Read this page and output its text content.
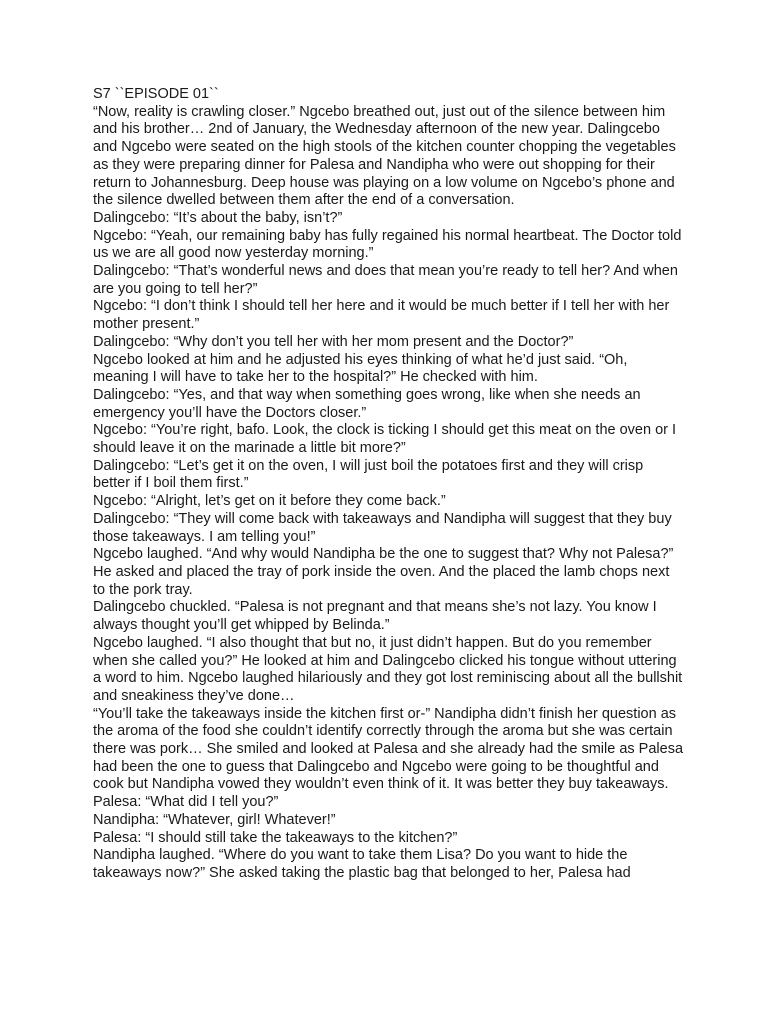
S7 ``EPISODE 01``

“Now, reality is crawling closer.” Ngcebo breathed out, just out of the silence between him and his brother… 2nd of January, the Wednesday afternoon of the new year. Dalingcebo and Ngcebo were seated on the high stools of the kitchen counter chopping the vegetables as they were preparing dinner for Palesa and Nandipha who were out shopping for their return to Johannesburg. Deep house was playing on a low volume on Ngcebo’s phone and the silence dwelled between them after the end of a conversation.

Dalingcebo: “It’s about the baby, isn’t?”

Ngcebo: “Yeah, our remaining baby has fully regained his normal heartbeat. The Doctor told us we are all good now yesterday morning.”

Dalingcebo: “That’s wonderful news and does that mean you’re ready to tell her? And when are you going to tell her?”

Ngcebo: “I don’t think I should tell her here and it would be much better if I tell her with her mother present.”

Dalingcebo: “Why don’t you tell her with her mom present and the Doctor?”

Ngcebo looked at him and he adjusted his eyes thinking of what he’d just said. “Oh, meaning I will have to take her to the hospital?” He checked with him.

Dalingcebo: “Yes, and that way when something goes wrong, like when she needs an emergency you’ll have the Doctors closer.”

Ngcebo: “You’re right, bafo. Look, the clock is ticking I should get this meat on the oven or I should leave it on the marinade a little bit more?”

Dalingcebo: “Let’s get it on the oven, I will just boil the potatoes first and they will crisp better if I boil them first.”

Ngcebo: “Alright, let’s get on it before they come back.”

Dalingcebo: “They will come back with takeaways and Nandipha will suggest that they buy those takeaways. I am telling you!”

Ngcebo laughed. “And why would Nandipha be the one to suggest that? Why not Palesa?” He asked and placed the tray of pork inside the oven. And the placed the lamb chops next to the pork tray.

Dalingcebo chuckled. “Palesa is not pregnant and that means she’s not lazy. You know I always thought you’ll get whipped by Belinda.”

Ngcebo laughed. “I also thought that but no, it just didn’t happen. But do you remember when she called you?” He looked at him and Dalingcebo clicked his tongue without uttering a word to him. Ngcebo laughed hilariously and they got lost reminiscing about all the bullshit and sneakiness they’ve done…

“You’ll take the takeaways inside the kitchen first or-” Nandipha didn’t finish her question as the aroma of the food she couldn’t identify correctly through the aroma but she was certain there was pork… She smiled and looked at Palesa and she already had the smile as Palesa had been the one to guess that Dalingcebo and Ngcebo were going to be thoughtful and cook but Nandipha vowed they wouldn’t even think of it. It was better they buy takeaways.

Palesa: “What did I tell you?”

Nandipha: “Whatever, girl! Whatever!”

Palesa: “I should still take the takeaways to the kitchen?”

Nandipha laughed. “Where do you want to take them Lisa? Do you want to hide the takeaways now?” She asked taking the plastic bag that belonged to her, Palesa had
